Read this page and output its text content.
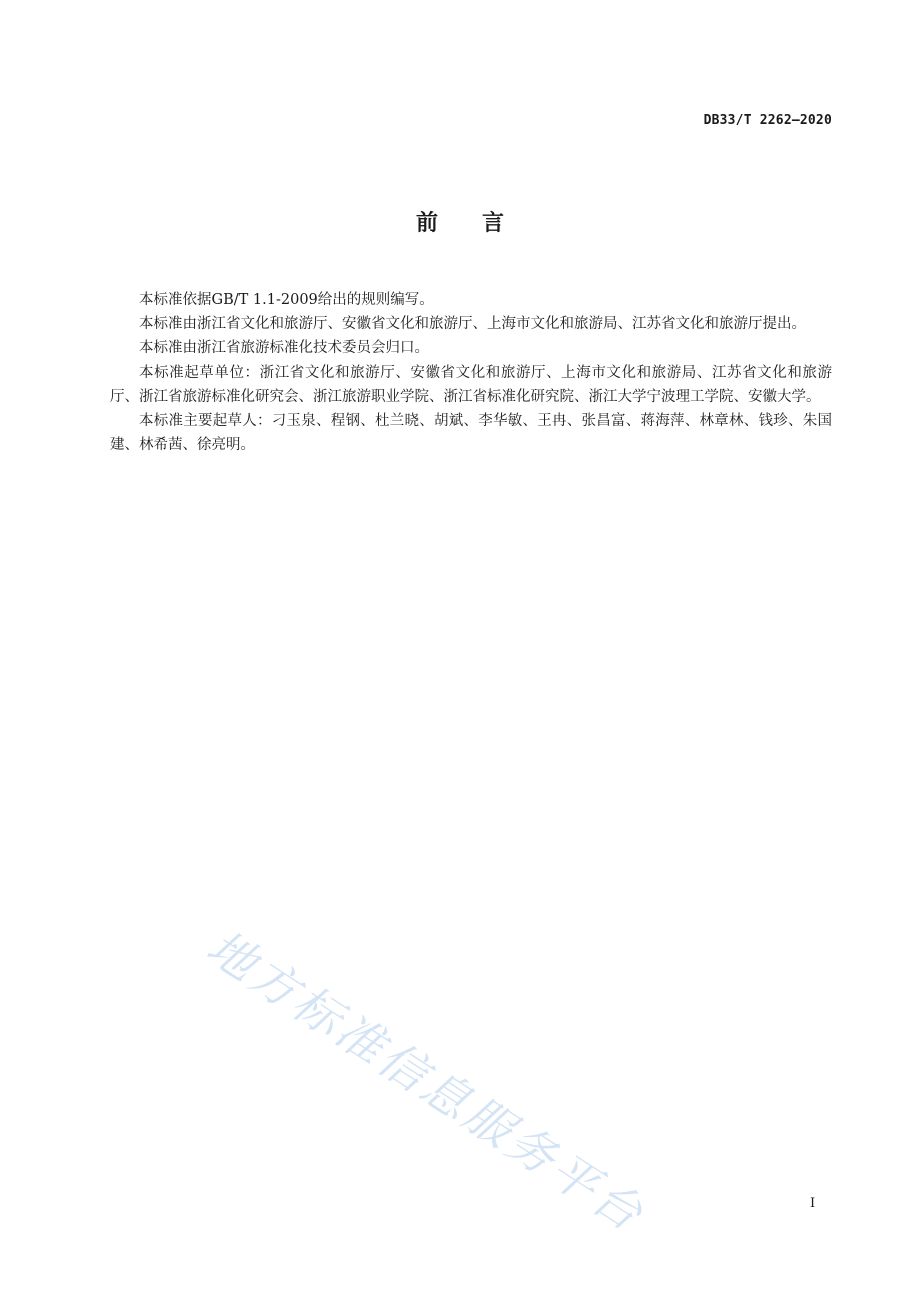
DB33/T 2262—2020
前言

本标准依据GB/T 1.1-2009给出的规则编写。

本标准由浙江省文化和旅游厅、安徽省文化和旅游厅、上海市文化和旅游局、江苏省文化和旅游厅提出。

本标准由浙江省旅游标准化技术委员会归口。

本标准起草单位：浙江省文化和旅游厅、安徽省文化和旅游厅、上海市文化和旅游局、江苏省文化和旅游厅、浙江省旅游标准化研究会、浙江旅游职业学院、浙江省标准化研究院、浙江大学宁波理工学院、安徽大学。

本标准主要起草人：刁玉泉、程钢、杜兰晓、胡斌、李华敏、王冉、张昌富、蒋海萍、林章林、钱珍、朱国建、林希茜、徐亮明。

地方标准信息服务平台	I
